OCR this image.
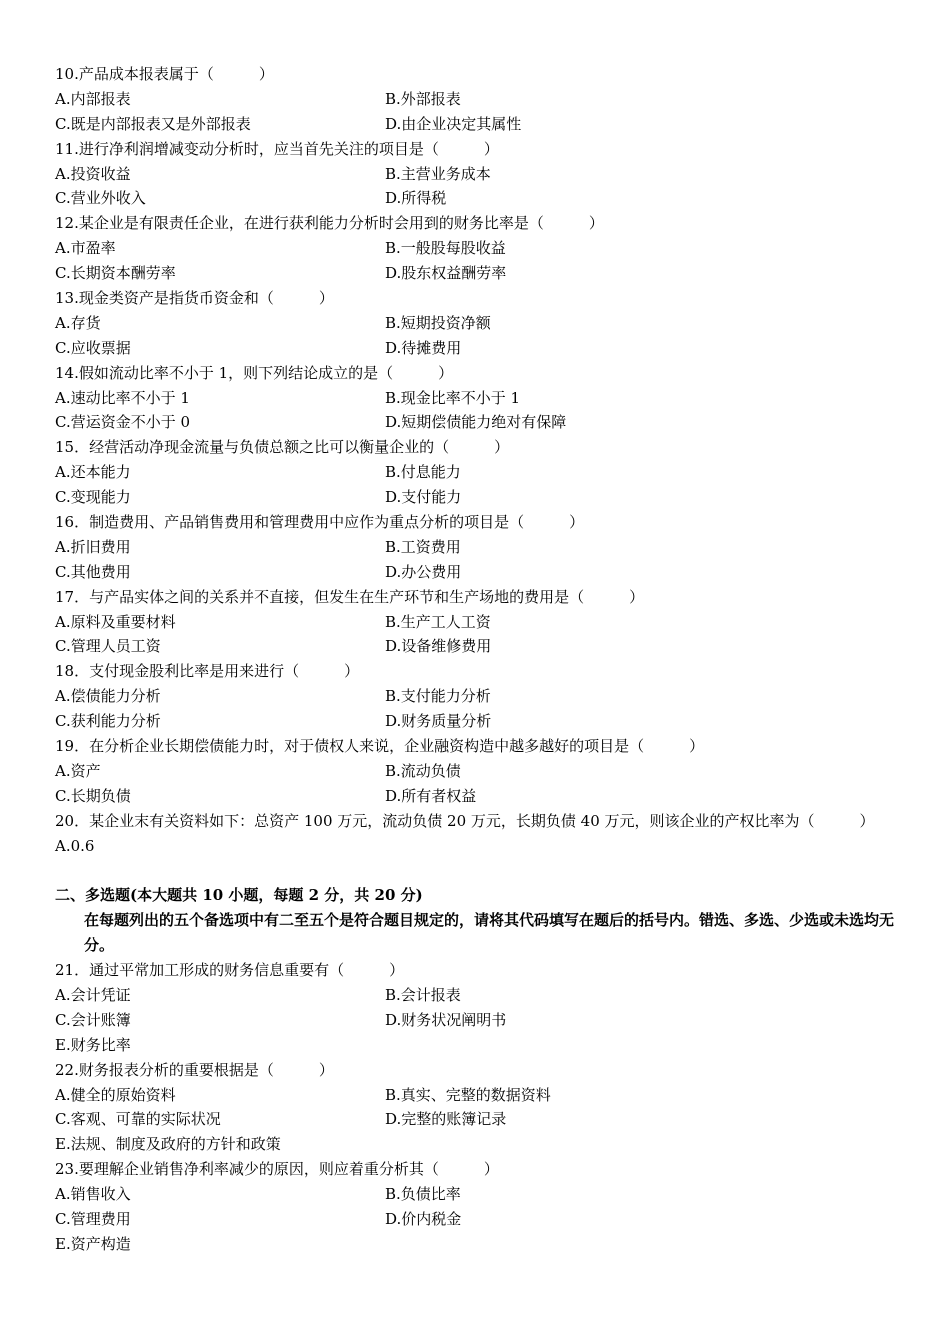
10.产品成本报表属于（　　　）
A.内部报表	B.外部报表
C.既是内部报表又是外部报表	D.由企业决定其属性
11.进行净利润增减变动分析时，应当首先关注的项目是（　　　）
A.投资收益	B.主营业务成本
C.营业外收入	D.所得税
12.某企业是有限责任企业，在进行获利能力分析时会用到的财务比率是（　　　）
A.市盈率	B.一般股每股收益
C.长期资本酬劳率	D.股东权益酬劳率
13.现金类资产是指货币资金和（　　　）
A.存货	B.短期投资净额
C.应收票据	D.待摊费用
14.假如流动比率不小于 1，则下列结论成立的是（　　　）
A.速动比率不小于 1	B.现金比率不小于 1
C.营运资金不小于 0	D.短期偿债能力绝对有保障
15．经营活动净现金流量与负债总额之比可以衡量企业的（　　　）
A.还本能力	B.付息能力
C.变现能力	D.支付能力
16．制造费用、产品销售费用和管理费用中应作为重点分析的项目是（　　　）
A.折旧费用	B.工资费用
C.其他费用	D.办公费用
17．与产品实体之间的关系并不直接，但发生在生产环节和生产场地的费用是（　　　）
A.原料及重要材料	B.生产工人工资
C.管理人员工资	D.设备维修费用
18．支付现金股利比率是用来进行（　　　）
A.偿债能力分析	B.支付能力分析
C.获利能力分析	D.财务质量分析
19．在分析企业长期偿债能力时，对于债权人来说，企业融资构造中越多越好的项目是（　　　）
A.资产	B.流动负债
C.长期负债	D.所有者权益
20．某企业末有关资料如下：总资产 100 万元，流动负债 20 万元，长期负债 40 万元，则该企业的产权比率为（　　　）
A.0.6
二、多选题(本大题共 10 小题，每题 2 分，共 20 分)
在每题列出的五个备选项中有二至五个是符合题目规定的，请将其代码填写在题后的括号内。错选、多选、少选或未选均无分。
21．通过平常加工形成的财务信息重要有（　　　）
A.会计凭证	B.会计报表
C.会计账簿	D.财务状况阐明书
E.财务比率
22.财务报表分析的重要根据是（　　　）
A.健全的原始资料	B.真实、完整的数据资料
C.客观、可靠的实际状况	D.完整的账簿记录
E.法规、制度及政府的方针和政策
23.要理解企业销售净利率减少的原因，则应着重分析其（　　　）
A.销售收入	B.负债比率
C.管理费用	D.价内税金
E.资产构造
